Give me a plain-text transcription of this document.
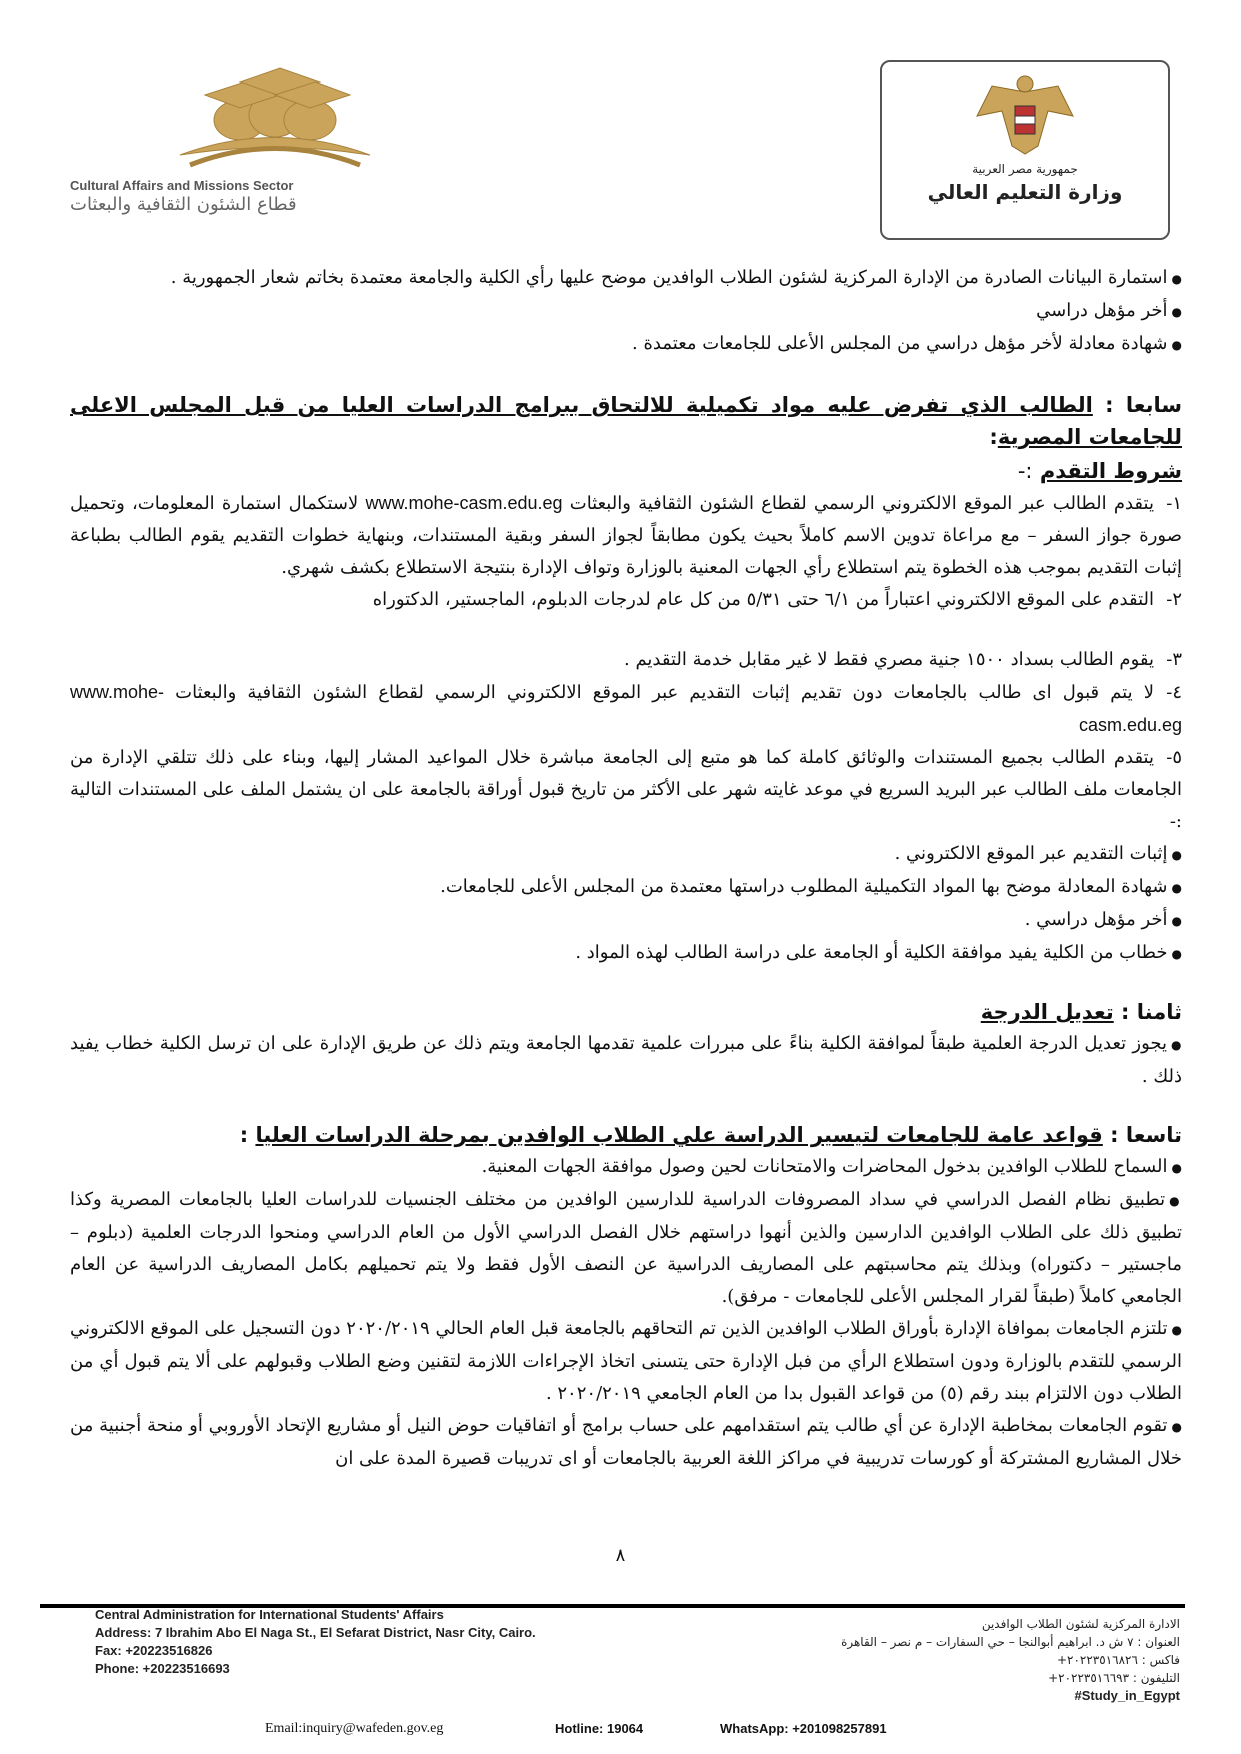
Cultural Affairs and Missions Sector
قطاع الشئون الثقافية والبعثات
جمهورية مصر العربية
وزارة التعليم العالي

● استمارة البيانات الصادرة من الإدارة المركزية لشئون الطلاب الوافدين موضح عليها رأي الكلية والجامعة معتمدة بخاتم شعار الجمهورية .

● أخر مؤهل دراسي

● شهادة معادلة لأخر مؤهل دراسي من المجلس الأعلى للجامعات معتمدة .

سابعا : الطالب الذي تفرض عليه مواد تكميلية للالتحاق ببرامج الدراسات العليا من قبل المجلس الاعلى للجامعات المصرية:

شروط التقدم :-

١-يتقدم الطالب عبر الموقع الالكتروني الرسمي لقطاع الشئون الثقافية والبعثات www.mohe-casm.edu.eg لاستكمال استمارة المعلومات، وتحميل صورة جواز السفر – مع مراعاة تدوين الاسم كاملاً بحيث يكون مطابقاً لجواز السفر وبقية المستندات، وبنهاية خطوات التقديم يقوم الطالب بطباعة إثبات التقديم بموجب هذه الخطوة يتم استطلاع رأي الجهات المعنية بالوزارة وتواف الإدارة بنتيجة الاستطلاع بكشف شهري.

٢-التقدم على الموقع الالكتروني اعتباراً من ٦/١ حتى ٥/٣١ من كل عام لدرجات الدبلوم، الماجستير، الدكتوراه

٣-يقوم الطالب بسداد ١٥٠٠ جنية مصري فقط لا غير مقابل خدمة التقديم .

٤-لا يتم قبول اى طالب بالجامعات دون تقديم إثبات التقديم عبر الموقع الالكتروني الرسمي لقطاع الشئون الثقافية والبعثات www.mohe-casm.edu.eg

٥-يتقدم الطالب بجميع المستندات والوثائق كاملة كما هو متبع إلى الجامعة مباشرة خلال المواعيد المشار إليها، وبناء على ذلك تتلقي الإدارة من الجامعات ملف الطالب عبر البريد السريع في موعد غايته شهر على الأكثر من تاريخ قبول أوراقة بالجامعة على ان يشتمل الملف على المستندات التالية :-

● إثبات التقديم عبر الموقع الالكتروني .

● شهادة المعادلة موضح بها المواد التكميلية المطلوب دراستها معتمدة من المجلس الأعلى للجامعات.

● أخر مؤهل دراسي .

● خطاب من الكلية يفيد موافقة الكلية أو الجامعة على دراسة الطالب لهذه المواد .

ثامنا : تعديل الدرجة

● يجوز تعديل الدرجة العلمية طبقاً لموافقة الكلية بناءً على مبررات علمية تقدمها الجامعة ويتم ذلك عن طريق الإدارة على ان ترسل الكلية خطاب يفيد ذلك .

تاسعا : قواعد عامة للجامعات لتيسير الدراسة علي الطلاب الوافدين بمرحلة الدراسات العليا :

● السماح للطلاب الوافدين بدخول المحاضرات والامتحانات لحين وصول موافقة الجهات المعنية.

● تطبيق نظام الفصل الدراسي في سداد المصروفات الدراسية للدارسين الوافدين من مختلف الجنسيات للدراسات العليا بالجامعات المصرية وكذا تطبيق ذلك على الطلاب الوافدين الدارسين والذين أنهوا دراستهم خلال الفصل الدراسي الأول من العام الدراسي ومنحوا الدرجات العلمية (دبلوم – ماجستير – دكتوراه) وبذلك يتم محاسبتهم على المصاريف الدراسية عن النصف الأول فقط ولا يتم تحميلهم بكامل المصاريف الدراسية عن العام الجامعي كاملاً (طبقاً لقرار المجلس الأعلى للجامعات - مرفق).

● تلتزم الجامعات بموافاة الإدارة بأوراق الطلاب الوافدين الذين تم التحاقهم بالجامعة قبل العام الحالي ٢٠٢٠/٢٠١٩ دون التسجيل على الموقع الالكتروني الرسمي للتقدم بالوزارة ودون استطلاع الرأي من فبل الإدارة حتى يتسنى اتخاذ الإجراءات اللازمة لتقنين وضع الطلاب وقبولهم على ألا يتم قبول أي من الطلاب دون الالتزام ببند رقم (٥) من قواعد القبول بدا من العام الجامعي ٢٠٢٠/٢٠١٩ .

● تقوم الجامعات بمخاطبة الإدارة عن أي طالب يتم استقدامهم على حساب برامج أو اتفاقيات حوض النيل أو مشاريع الإتحاد الأوروبي أو منحة أجنبية من خلال المشاريع المشتركة أو كورسات تدريبية في مراكز اللغة العربية بالجامعات أو اى تدريبات قصيرة المدة على ان

٨
Central Administration for International Students' Affairs
Address: 7 Ibrahim Abo El Naga St., El Sefarat District, Nasr City, Cairo.
Fax: +20223516826
Phone: +20223516693
الادارة المركزية لشئون الطلاب الوافدين
العنوان : ٧ ش د. ابراهيم أبوالنجا – حي السفارات – م نصر – القاهرة
فاكس : ٢٠٢٢٣٥١٦٨٢٦+
التليفون : ٢٠٢٢٣٥١٦٦٩٣+
#Study_in_Egypt
Email:inquiry@wafeden.gov.eg	Hotline: 19064	WhatsApp: +201098257891
